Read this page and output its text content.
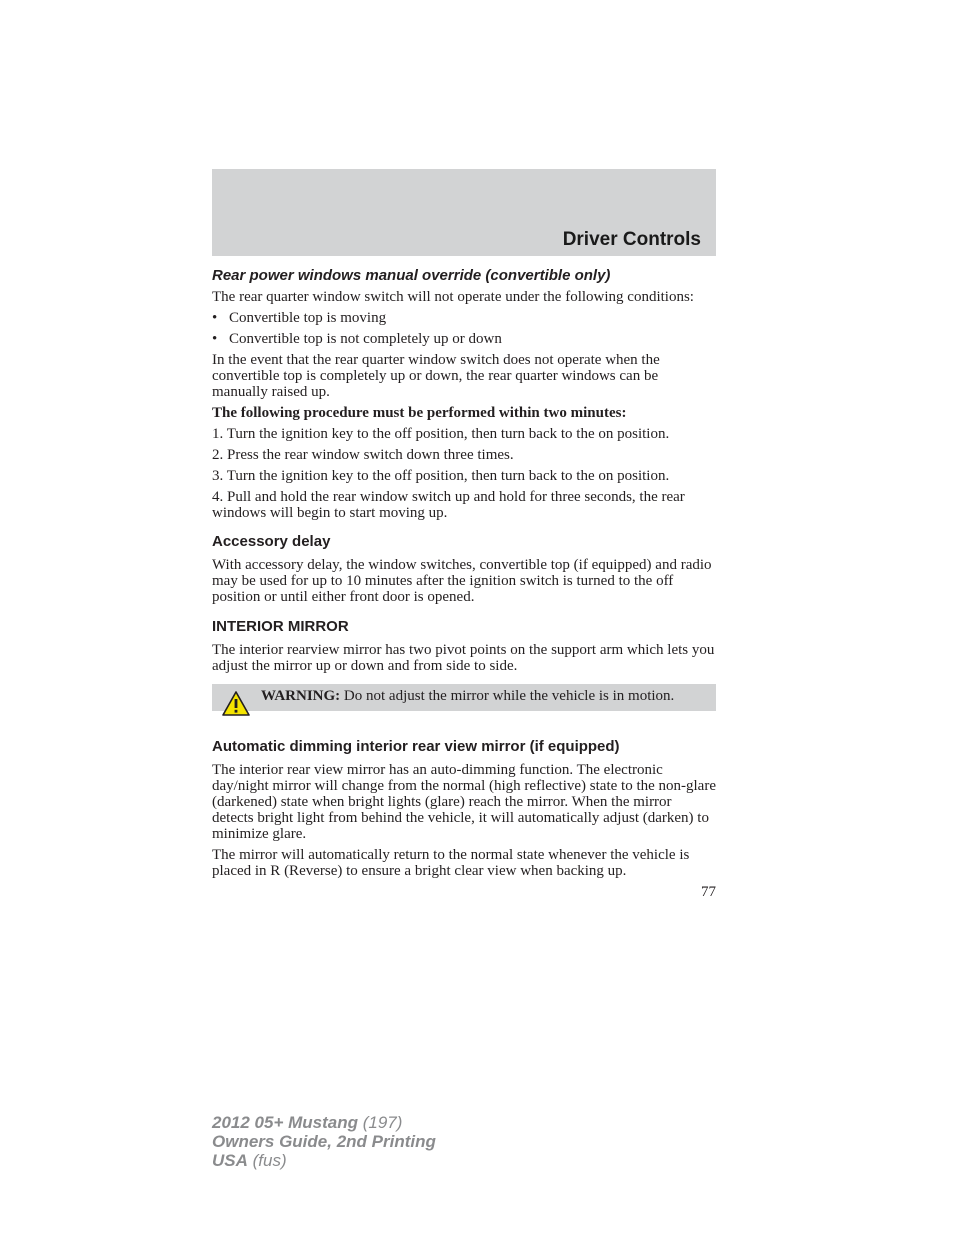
Driver Controls
Rear power windows manual override (convertible only)

The rear quarter window switch will not operate under the following conditions:

• Convertible top is moving
• Convertible top is not completely up or down

In the event that the rear quarter window switch does not operate when the convertible top is completely up or down, the rear quarter windows can be manually raised up.

The following procedure must be performed within two minutes:

1. Turn the ignition key to the off position, then turn back to the on position.

2. Press the rear window switch down three times.

3. Turn the ignition key to the off position, then turn back to the on position.

4. Pull and hold the rear window switch up and hold for three seconds, the rear windows will begin to start moving up.

Accessory delay

With accessory delay, the window switches, convertible top (if equipped) and radio may be used for up to 10 minutes after the ignition switch is turned to the off position or until either front door is opened.

INTERIOR MIRROR

The interior rearview mirror has two pivot points on the support arm which lets you adjust the mirror up or down and from side to side.

WARNING: Do not adjust the mirror while the vehicle is in motion.
Automatic dimming interior rear view mirror (if equipped)

The interior rear view mirror has an auto-dimming function. The electronic day/night mirror will change from the normal (high reflective) state to the non-glare (darkened) state when bright lights (glare) reach the mirror. When the mirror detects bright light from behind the vehicle, it will automatically adjust (darken) to minimize glare.

The mirror will automatically return to the normal state whenever the vehicle is placed in R (Reverse) to ensure a bright clear view when backing up.

77
2012 05+ Mustang (197)
Owners Guide, 2nd Printing
USA (fus)
